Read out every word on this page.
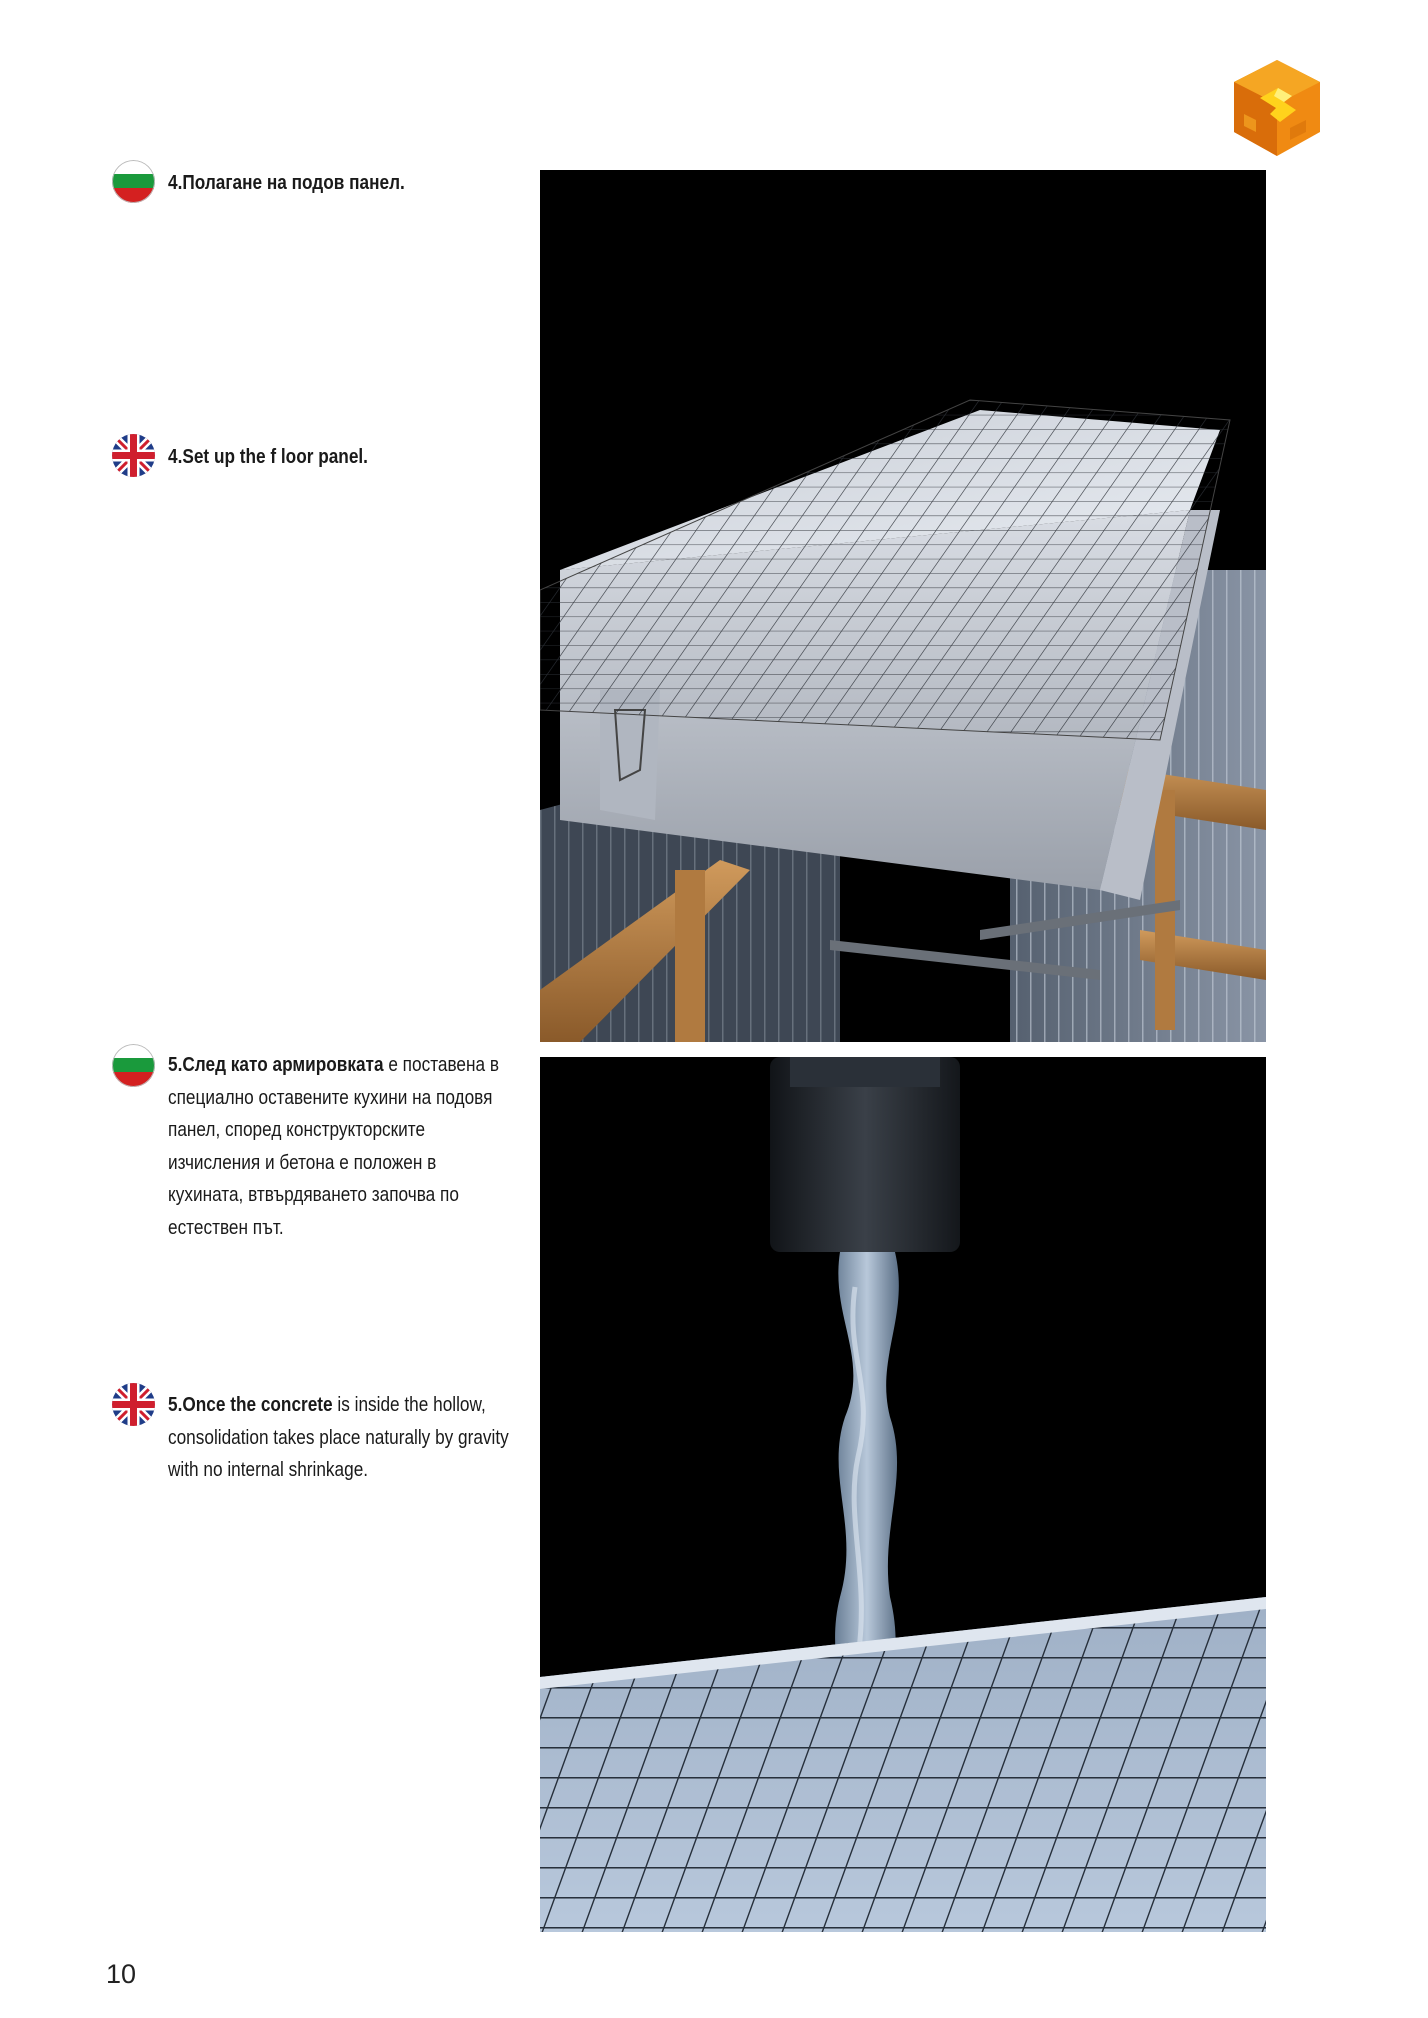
4.Полагане на подов панел.
4.Set up the f loor panel.
5.След като армировката е поставена в специално оставените кухини на подовя панел, според конструкторските изчисления и бетона е положен в кухината, втвърдяването започва по естествен път.
5.Once the concrete is inside the hollow, consolidation takes place naturally by gravity with no internal shrinkage.
10
